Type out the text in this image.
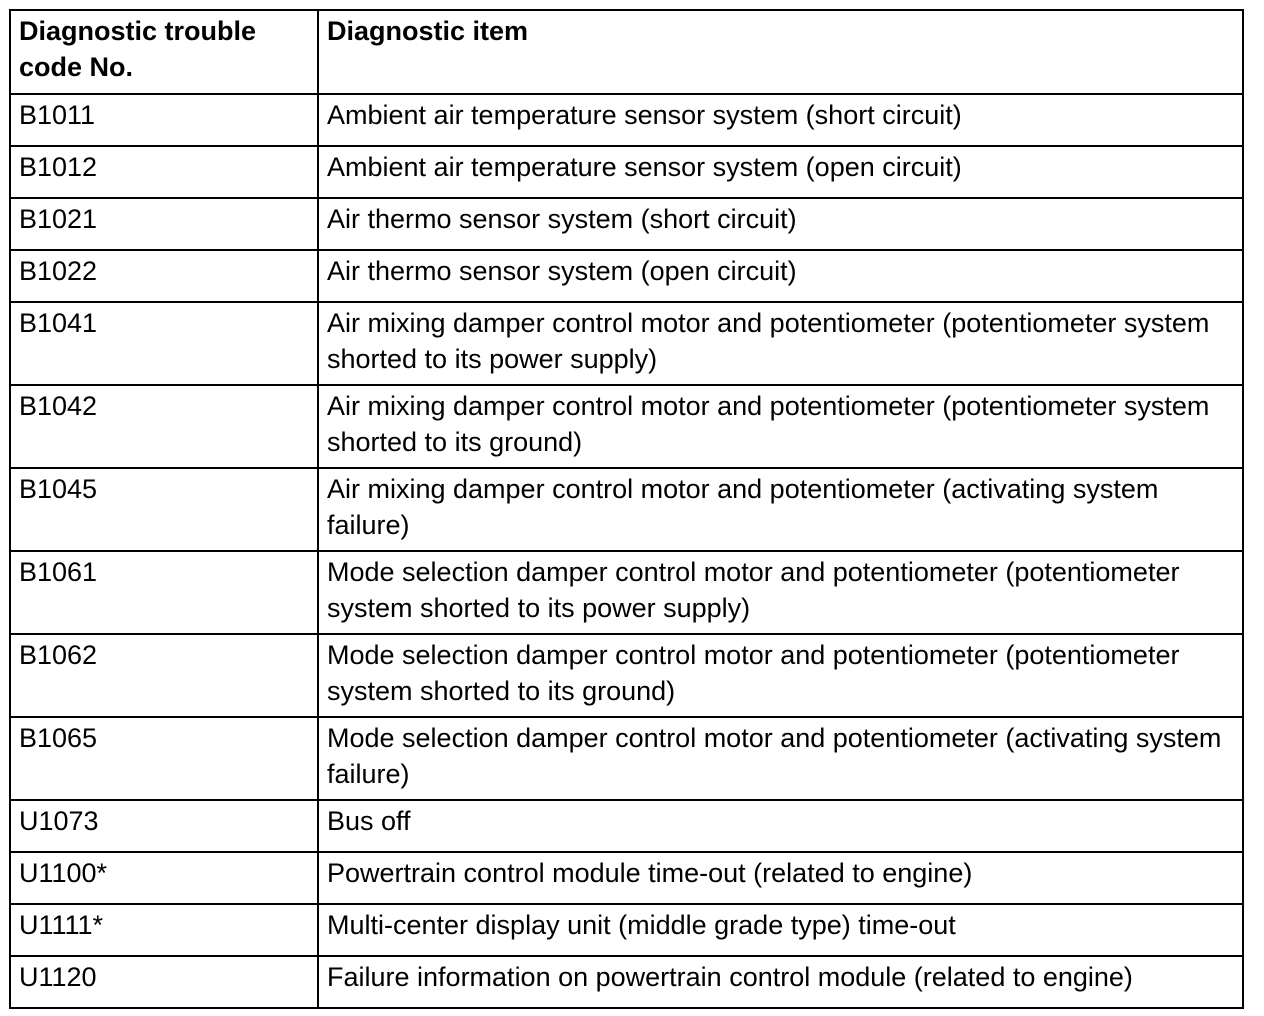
Diagnostic trouble code No.	Diagnostic item
B1011	Ambient air temperature sensor system (short circuit)
B1012	Ambient air temperature sensor system (open circuit)
B1021	Air thermo sensor system (short circuit)
B1022	Air thermo sensor system (open circuit)
B1041	Air mixing damper control motor and potentiometer (potentiometer system shorted to its power supply)
B1042	Air mixing damper control motor and potentiometer (potentiometer system shorted to its ground)
B1045	Air mixing damper control motor and potentiometer (activating system failure)
B1061	Mode selection damper control motor and potentiometer (potentiometer system shorted to its power supply)
B1062	Mode selection damper control motor and potentiometer (potentiometer system shorted to its ground)
B1065	Mode selection damper control motor and potentiometer (activating system failure)
U1073	Bus off
U1100*	Powertrain control module time-out (related to engine)
U1111*	Multi-center display unit (middle grade type) time-out
U1120	Failure information on powertrain control module (related to engine)
